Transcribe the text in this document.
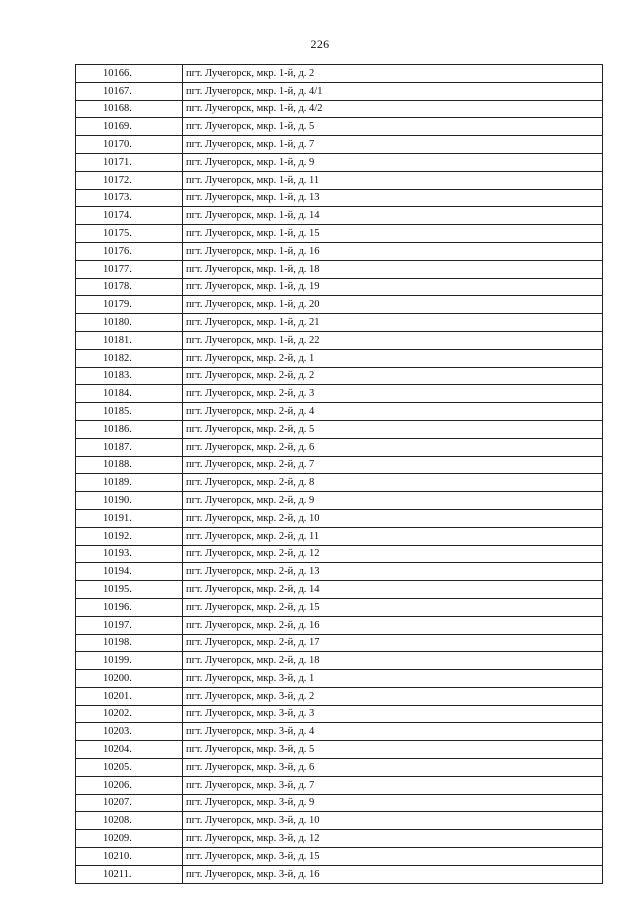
226
10166.	пгт. Лучегорск, мкр. 1-й, д. 2
10167.	пгт. Лучегорск, мкр. 1-й, д. 4/1
10168.	пгт. Лучегорск, мкр. 1-й, д. 4/2
10169.	пгт. Лучегорск, мкр. 1-й, д. 5
10170.	пгт. Лучегорск, мкр. 1-й, д. 7
10171.	пгт. Лучегорск, мкр. 1-й, д. 9
10172.	пгт. Лучегорск, мкр. 1-й, д. 11
10173.	пгт. Лучегорск, мкр. 1-й, д. 13
10174.	пгт. Лучегорск, мкр. 1-й, д. 14
10175.	пгт. Лучегорск, мкр. 1-й, д. 15
10176.	пгт. Лучегорск, мкр. 1-й, д. 16
10177.	пгт. Лучегорск, мкр. 1-й, д. 18
10178.	пгт. Лучегорск, мкр. 1-й, д. 19
10179.	пгт. Лучегорск, мкр. 1-й, д. 20
10180.	пгт. Лучегорск, мкр. 1-й, д. 21
10181.	пгт. Лучегорск, мкр. 1-й, д. 22
10182.	пгт. Лучегорск, мкр. 2-й, д. 1
10183.	пгт. Лучегорск, мкр. 2-й, д. 2
10184.	пгт. Лучегорск, мкр. 2-й, д. 3
10185.	пгт. Лучегорск, мкр. 2-й, д. 4
10186.	пгт. Лучегорск, мкр. 2-й, д. 5
10187.	пгт. Лучегорск, мкр. 2-й, д. 6
10188.	пгт. Лучегорск, мкр. 2-й, д. 7
10189.	пгт. Лучегорск, мкр. 2-й, д. 8
10190.	пгт. Лучегорск, мкр. 2-й, д. 9
10191.	пгт. Лучегорск, мкр. 2-й, д. 10
10192.	пгт. Лучегорск, мкр. 2-й, д. 11
10193.	пгт. Лучегорск, мкр. 2-й, д. 12
10194.	пгт. Лучегорск, мкр. 2-й, д. 13
10195.	пгт. Лучегорск, мкр. 2-й, д. 14
10196.	пгт. Лучегорск, мкр. 2-й, д. 15
10197.	пгт. Лучегорск, мкр. 2-й, д. 16
10198.	пгт. Лучегорск, мкр. 2-й, д. 17
10199.	пгт. Лучегорск, мкр. 2-й, д. 18
10200.	пгт. Лучегорск, мкр. 3-й, д. 1
10201.	пгт. Лучегорск, мкр. 3-й, д. 2
10202.	пгт. Лучегорск, мкр. 3-й, д. 3
10203.	пгт. Лучегорск, мкр. 3-й, д. 4
10204.	пгт. Лучегорск, мкр. 3-й, д. 5
10205.	пгт. Лучегорск, мкр. 3-й, д. 6
10206.	пгт. Лучегорск, мкр. 3-й, д. 7
10207.	пгт. Лучегорск, мкр. 3-й, д. 9
10208.	пгт. Лучегорск, мкр. 3-й, д. 10
10209.	пгт. Лучегорск, мкр. 3-й, д. 12
10210.	пгт. Лучегорск, мкр. 3-й, д. 15
10211.	пгт. Лучегорск, мкр. 3-й, д. 16
